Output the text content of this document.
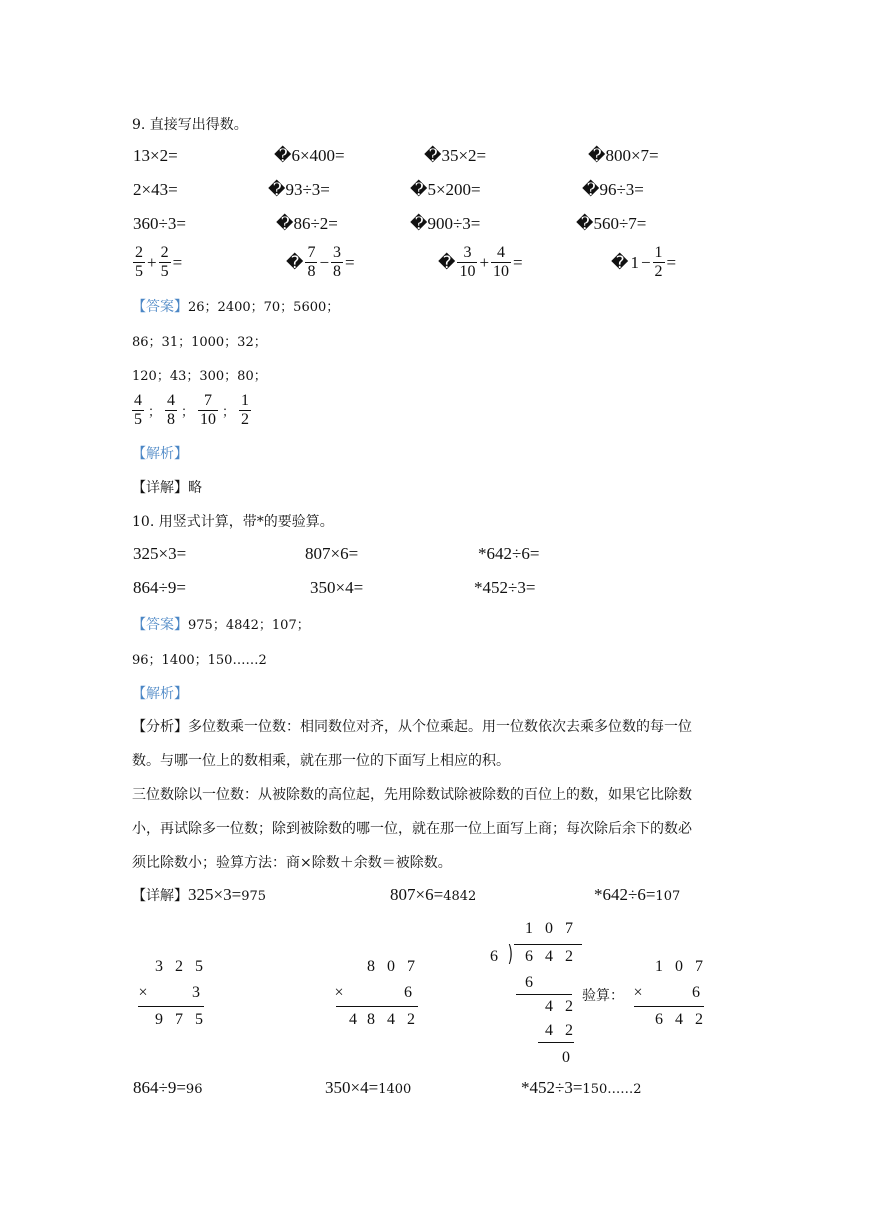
9. 直接写出得数。
13×2=	�6×400=	�35×2=	�800×7=
2×43=	�93÷3=	�5×200=	�96÷3=
360÷3=	�86÷2=	�900÷3=	�560÷7=
$\frac{2}{5} + \frac{2}{5}$ =	� $\frac{7}{8} - \frac{3}{8}$ =	� $\frac{3}{10} + \frac{4}{10}$ =	� $1 - \frac{1}{2}$ =
【答案】26；2400；70；5600；
86；31；1000；32；
120；43；300；80；
$\frac{4}{5}$ ； $\frac{4}{8}$ ； $\frac{7}{10}$ ； $\frac{1}{2}$
【解析】
【详解】略
10. 用竖式计算，带*的要验算。
325×3=	807×6=	*642÷6=
864÷9=	350×4=	*452÷3=
【答案】975；4842；107；
96；1400；150……2
【解析】
【分析】多位数乘一位数：相同数位对齐，从个位乘起。用一位数依次去乘多位数的每一位
数。与哪一位上的数相乘，就在那一位的下面写上相应的积。
三位数除以一位数：从被除数的高位起，先用除数试除被除数的百位上的数，如果它比除数
小，再试除多一位数；除到被除数的哪一位，就在那一位上面写上商；每次除后余下的数必
须比除数小；验算方法：商×除数＋余数＝被除数。
【详解】325×3=975	807×6=4842	*642÷6=107
3 2 5
×	3
9 7 5
8 0 7
×	6
4 8 4 2
1 0 7
6 ) 6 4 2
6
4 2
4 2
0
验算：
1 0 7
×	6
6 4 2
864÷9=96	350×4=1400	*452÷3=150……2
